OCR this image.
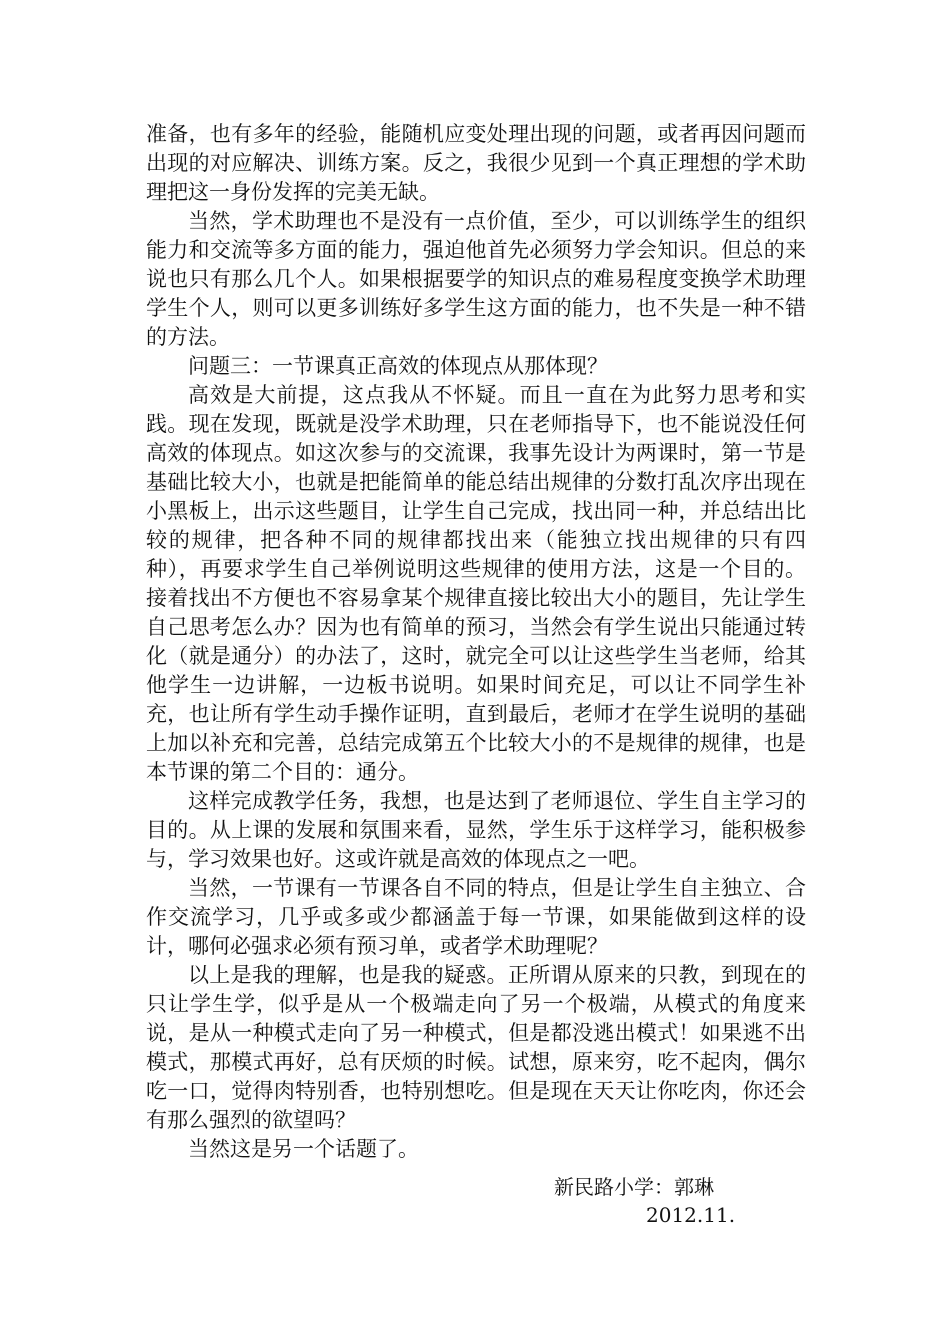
准备，也有多年的经验，能随机应变处理出现的问题，或者再因问题而出现的对应解决、训练方案。反之，我很少见到一个真正理想的学术助理把这一身份发挥的完美无缺。

当然，学术助理也不是没有一点价值，至少，可以训练学生的组织能力和交流等多方面的能力，强迫他首先必须努力学会知识。但总的来说也只有那么几个人。如果根据要学的知识点的难易程度变换学术助理学生个人，则可以更多训练好多学生这方面的能力，也不失是一种不错的方法。

问题三：一节课真正高效的体现点从那体现？

高效是大前提，这点我从不怀疑。而且一直在为此努力思考和实践。现在发现，既就是没学术助理，只在老师指导下，也不能说没任何高效的体现点。如这次参与的交流课，我事先设计为两课时，第一节是基础比较大小，也就是把能简单的能总结出规律的分数打乱次序出现在小黑板上，出示这些题目，让学生自己完成，找出同一种，并总结出比较的规律，把各种不同的规律都找出来（能独立找出规律的只有四种），再要求学生自己举例说明这些规律的使用方法，这是一个目的。接着找出不方便也不容易拿某个规律直接比较出大小的题目，先让学生自己思考怎么办？因为也有简单的预习，当然会有学生说出只能通过转化（就是通分）的办法了，这时，就完全可以让这些学生当老师，给其他学生一边讲解，一边板书说明。如果时间充足，可以让不同学生补充，也让所有学生动手操作证明，直到最后，老师才在学生说明的基础上加以补充和完善，总结完成第五个比较大小的不是规律的规律，也是本节课的第二个目的：通分。

这样完成教学任务，我想，也是达到了老师退位、学生自主学习的目的。从上课的发展和氛围来看，显然，学生乐于这样学习，能积极参与，学习效果也好。这或许就是高效的体现点之一吧。

当然，一节课有一节课各自不同的特点，但是让学生自主独立、合作交流学习，几乎或多或少都涵盖于每一节课，如果能做到这样的设计，哪何必强求必须有预习单，或者学术助理呢？

以上是我的理解，也是我的疑惑。正所谓从原来的只教，到现在的只让学生学，似乎是从一个极端走向了另一个极端，从模式的角度来说，是从一种模式走向了另一种模式，但是都没逃出模式！如果逃不出模式，那模式再好，总有厌烦的时候。试想，原来穷，吃不起肉，偶尔吃一口，觉得肉特别香，也特别想吃。但是现在天天让你吃肉，你还会有那么强烈的欲望吗？

当然这是另一个话题了。

新民路小学：郭琳
2012.11.
